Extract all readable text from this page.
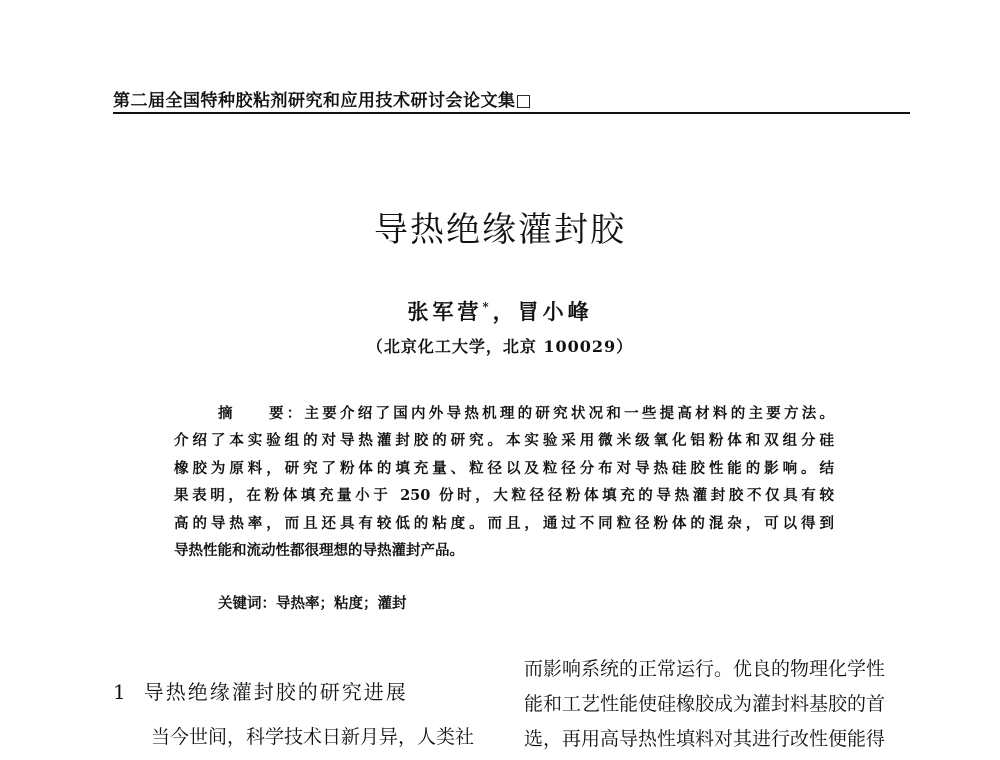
第二届全国特种胶粘剂研究和应用技术研讨会论文集□
导热绝缘灌封胶
张军营*，冒小峰
（北京化工大学，北京 100029）
摘    要：主要介绍了国内外导热机理的研究状况和一些提高材料的主要方法。
介绍了本实验组的对导热灌封胶的研究。本实验采用微米级氧化铝粉体和双组分硅
橡胶为原料，研究了粉体的填充量、粒径以及粒径分布对导热硅胶性能的影响。结
果表明，在粉体填充量小于 250 份时，大粒径径粉体填充的导热灌封胶不仅具有较
高的导热率，而且还具有较低的粘度。而且，通过不同粒径粉体的混杂，可以得到
导热性能和流动性都很理想的导热灌封产品。
关键词：导热率；粘度；灌封
1 导热绝缘灌封胶的研究进展
当今世间，科学技术日新月异，人类社
而影响系统的正常运行。优良的物理化学性
能和工艺性能使硅橡胶成为灌封料基胶的首
选，再用高导热性填料对其进行改性便能得
